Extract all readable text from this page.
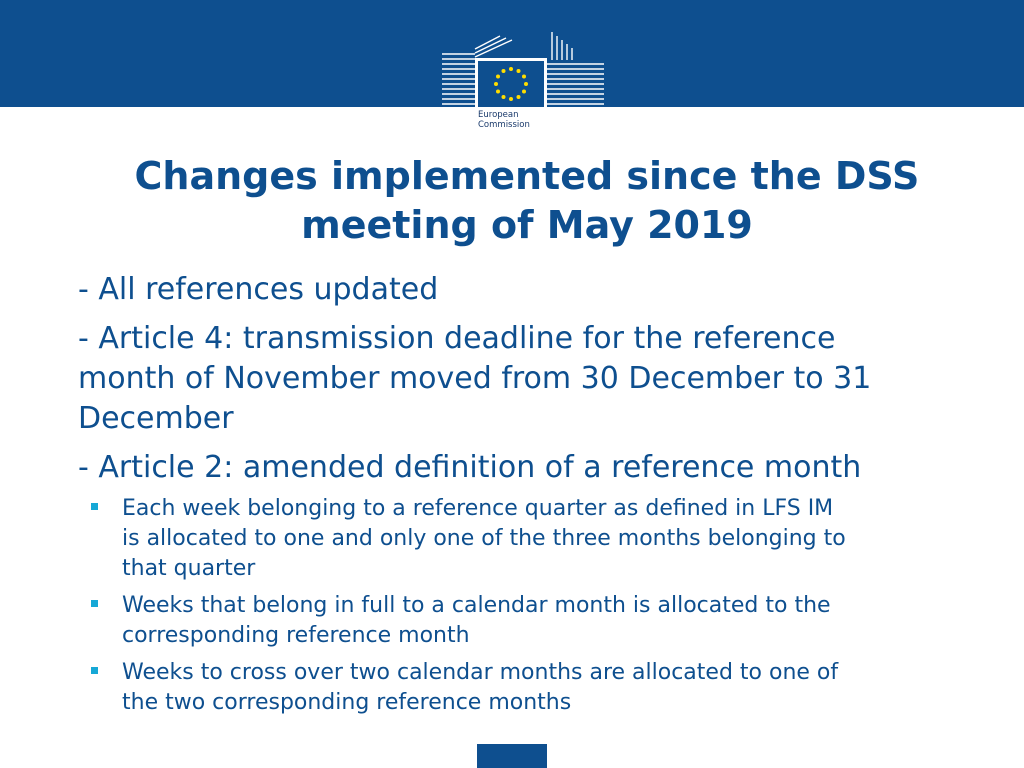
European
Commission
Changes implemented since the DSS
meeting of May 2019
- All references updated
- Article 4: transmission deadline for the reference
month of November moved from 30 December to 31
December
- Article 2: amended definition of a reference month
Each week belonging to a reference quarter as defined in LFS IM
is allocated to one and only one of the three months belonging to
that quarter
Weeks that belong in full to a calendar month is allocated to the
corresponding reference month
Weeks to cross over two calendar months are allocated to one of
the two corresponding reference months
